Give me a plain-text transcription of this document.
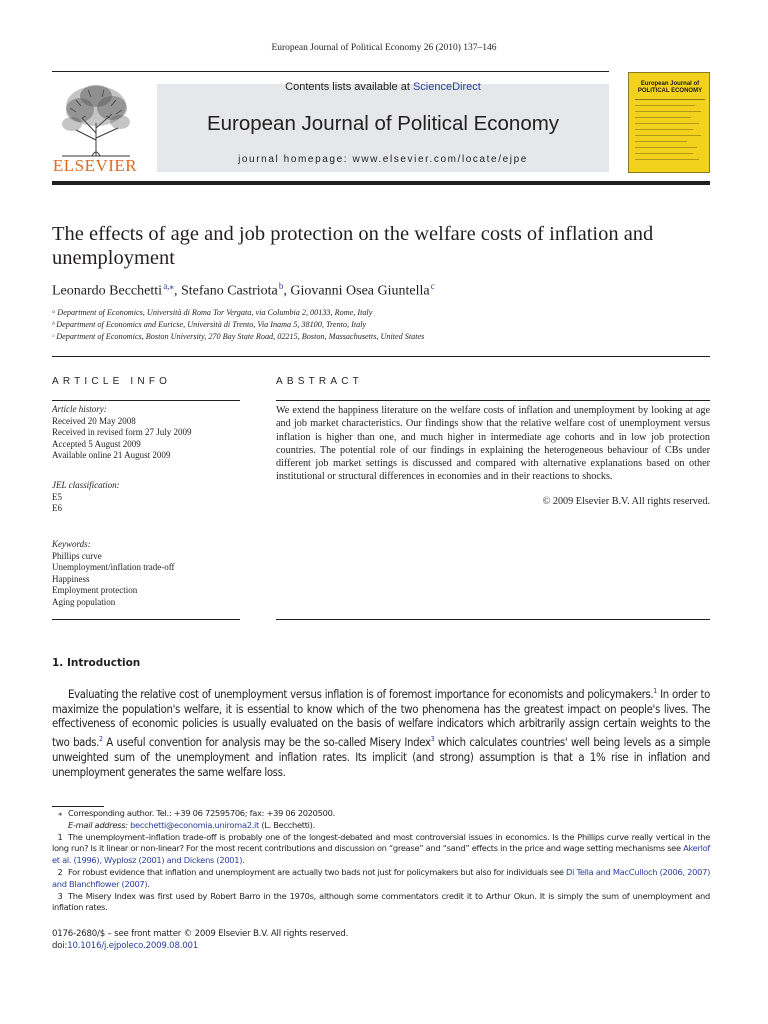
European Journal of Political Economy 26 (2010) 137–146
ELSEVIER
Contents lists available at ScienceDirect
European Journal of Political Economy
journal homepage: www.elsevier.com/locate/ejpe
European Journal of POLITICAL ECONOMY
The effects of age and job protection on the welfare costs of inflation and unemployment
Leonardo Becchetti $^{a,⁎}$, Stefano Castriota $^b$, Giovanni Osea Giuntella $^c$
ᵃ Department of Economics, Università di Roma Tor Vergata, via Columbia 2, 00133, Rome, Italy
ᵇ Department of Economics and Euricse, Università di Trento, Via Inama 5, 38100, Trento, Italy
ᶜ Department of Economics, Boston University, 270 Bay State Road, 02215, Boston, Massachusetts, United States
ARTICLE INFO
Article history:
Received 20 May 2008
Received in revised form 27 July 2009
Accepted 5 August 2009
Available online 21 August 2009
JEL classification:
E5
E6
Keywords:
Phillips curve
Unemployment/inflation trade-off
Happiness
Employment protection
Aging population
ABSTRACT
We extend the happiness literature on the welfare costs of inflation and unemployment by looking at age and job market characteristics. Our findings show that the relative welfare cost of unemployment versus inflation is higher than one, and much higher in intermediate age cohorts and in low job protection countries. The potential role of our findings in explaining the heterogeneous behaviour of CBs under different job market settings is discussed and compared with alternative explanations based on other institutional or structural differences in economies and in their reactions to shocks.
© 2009 Elsevier B.V. All rights reserved.
1. Introduction
Evaluating the relative cost of unemployment versus inflation is of foremost importance for economists and policymakers.$^1$ In order to maximize the population's welfare, it is essential to know which of the two phenomena has the greatest impact on people's lives. The effectiveness of economic policies is usually evaluated on the basis of welfare indicators which arbitrarily assign certain weights to the two bads.$^2$ A useful convention for analysis may be the so-called Misery Index$^3$ which calculates countries' well being levels as a simple unweighted sum of the unemployment and inflation rates. Its implicit (and strong) assumption is that a 1% rise in inflation and unemployment generates the same welfare loss.
⁎ Corresponding author. Tel.: +39 06 72595706; fax: +39 06 2020500.
E-mail address: becchetti@economia.uniroma2.it (L. Becchetti).
1 The unemployment–inflation trade-off is probably one of the longest-debated and most controversial issues in economics. Is the Phillips curve really vertical in the long run? Is it linear or non-linear? For the most recent contributions and discussion on “grease” and “sand” effects in the price and wage setting mechanisms see Akerlof et al. (1996), Wyplosz (2001) and Dickens (2001).
2 For robust evidence that inflation and unemployment are actually two bads not just for policymakers but also for individuals see Di Tella and MacCulloch (2006, 2007) and Blanchflower (2007).
3 The Misery Index was first used by Robert Barro in the 1970s, although some commentators credit it to Arthur Okun. It is simply the sum of unemployment and inflation rates.
0176-2680/$ – see front matter © 2009 Elsevier B.V. All rights reserved.
doi:10.1016/j.ejpoleco.2009.08.001
